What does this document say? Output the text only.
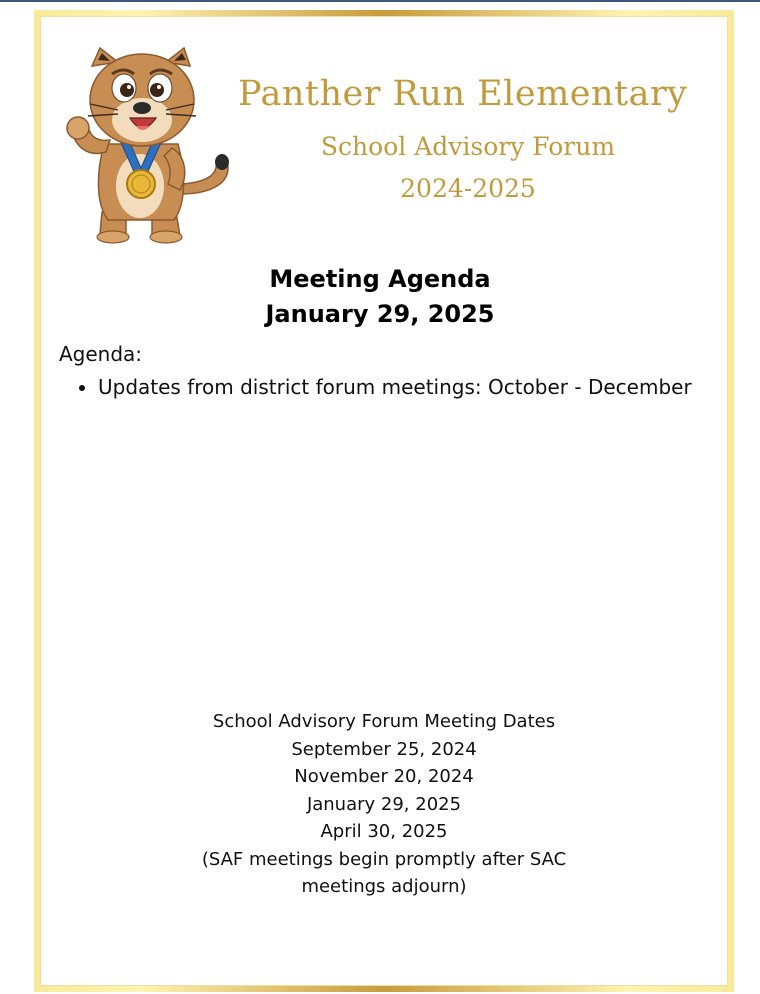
Panther Run Elementary
School Advisory Forum
2024-2025
Meeting Agenda
January 29, 2025
Agenda:
• Updates from district forum meetings: October - December
School Advisory Forum Meeting Dates
September 25, 2024
November 20, 2024
January 29, 2025
April 30, 2025
(SAF meetings begin promptly after SAC
meetings adjourn)
